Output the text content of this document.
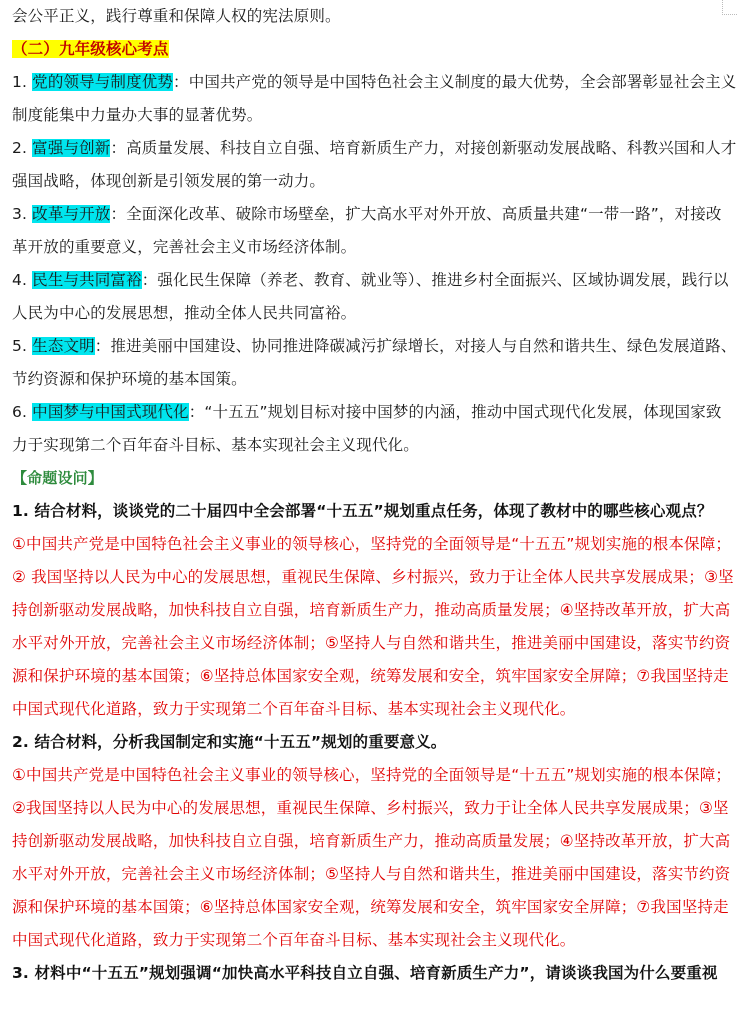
会公平正义，践行尊重和保障人权的宪法原则。
（二）九年级核心考点
1. 党的领导与制度优势：中国共产党的领导是中国特色社会主义制度的最大优势，全会部署彰显社会主义
制度能集中力量办大事的显著优势。
2. 富强与创新：高质量发展、科技自立自强、培育新质生产力，对接创新驱动发展战略、科教兴国和人才
强国战略，体现创新是引领发展的第一动力。
3. 改革与开放：全面深化改革、破除市场壁垒，扩大高水平对外开放、高质量共建“一带一路”，对接改
革开放的重要意义，完善社会主义市场经济体制。
4. 民生与共同富裕：强化民生保障（养老、教育、就业等）、推进乡村全面振兴、区域协调发展，践行以
人民为中心的发展思想，推动全体人民共同富裕。
5. 生态文明：推进美丽中国建设、协同推进降碳减污扩绿增长，对接人与自然和谐共生、绿色发展道路、
节约资源和保护环境的基本国策。
6. 中国梦与中国式现代化：“十五五”规划目标对接中国梦的内涵，推动中国式现代化发展，体现国家致
力于实现第二个百年奋斗目标、基本实现社会主义现代化。
【命题设问】
1. 结合材料，谈谈党的二十届四中全会部署“十五五”规划重点任务，体现了教材中的哪些核心观点？
①中国共产党是中国特色社会主义事业的领导核心，坚持党的全面领导是“十五五”规划实施的根本保障；
② 我国坚持以人民为中心的发展思想，重视民生保障、乡村振兴，致力于让全体人民共享发展成果；③坚
持创新驱动发展战略，加快科技自立自强，培育新质生产力，推动高质量发展；④坚持改革开放，扩大高
水平对外开放，完善社会主义市场经济体制；⑤坚持人与自然和谐共生，推进美丽中国建设，落实节约资
源和保护环境的基本国策；⑥坚持总体国家安全观，统筹发展和安全，筑牢国家安全屏障；⑦我国坚持走
中国式现代化道路，致力于实现第二个百年奋斗目标、基本实现社会主义现代化。
2. 结合材料，分析我国制定和实施“十五五”规划的重要意义。
①中国共产党是中国特色社会主义事业的领导核心，坚持党的全面领导是“十五五”规划实施的根本保障；
②我国坚持以人民为中心的发展思想，重视民生保障、乡村振兴，致力于让全体人民共享发展成果；③坚
持创新驱动发展战略，加快科技自立自强，培育新质生产力，推动高质量发展；④坚持改革开放，扩大高
水平对外开放，完善社会主义市场经济体制；⑤坚持人与自然和谐共生，推进美丽中国建设，落实节约资
源和保护环境的基本国策；⑥坚持总体国家安全观，统筹发展和安全，筑牢国家安全屏障；⑦我国坚持走
中国式现代化道路，致力于实现第二个百年奋斗目标、基本实现社会主义现代化。
3. 材料中“十五五”规划强调“加快高水平科技自立自强、培育新质生产力”，请谈谈我国为什么要重视
